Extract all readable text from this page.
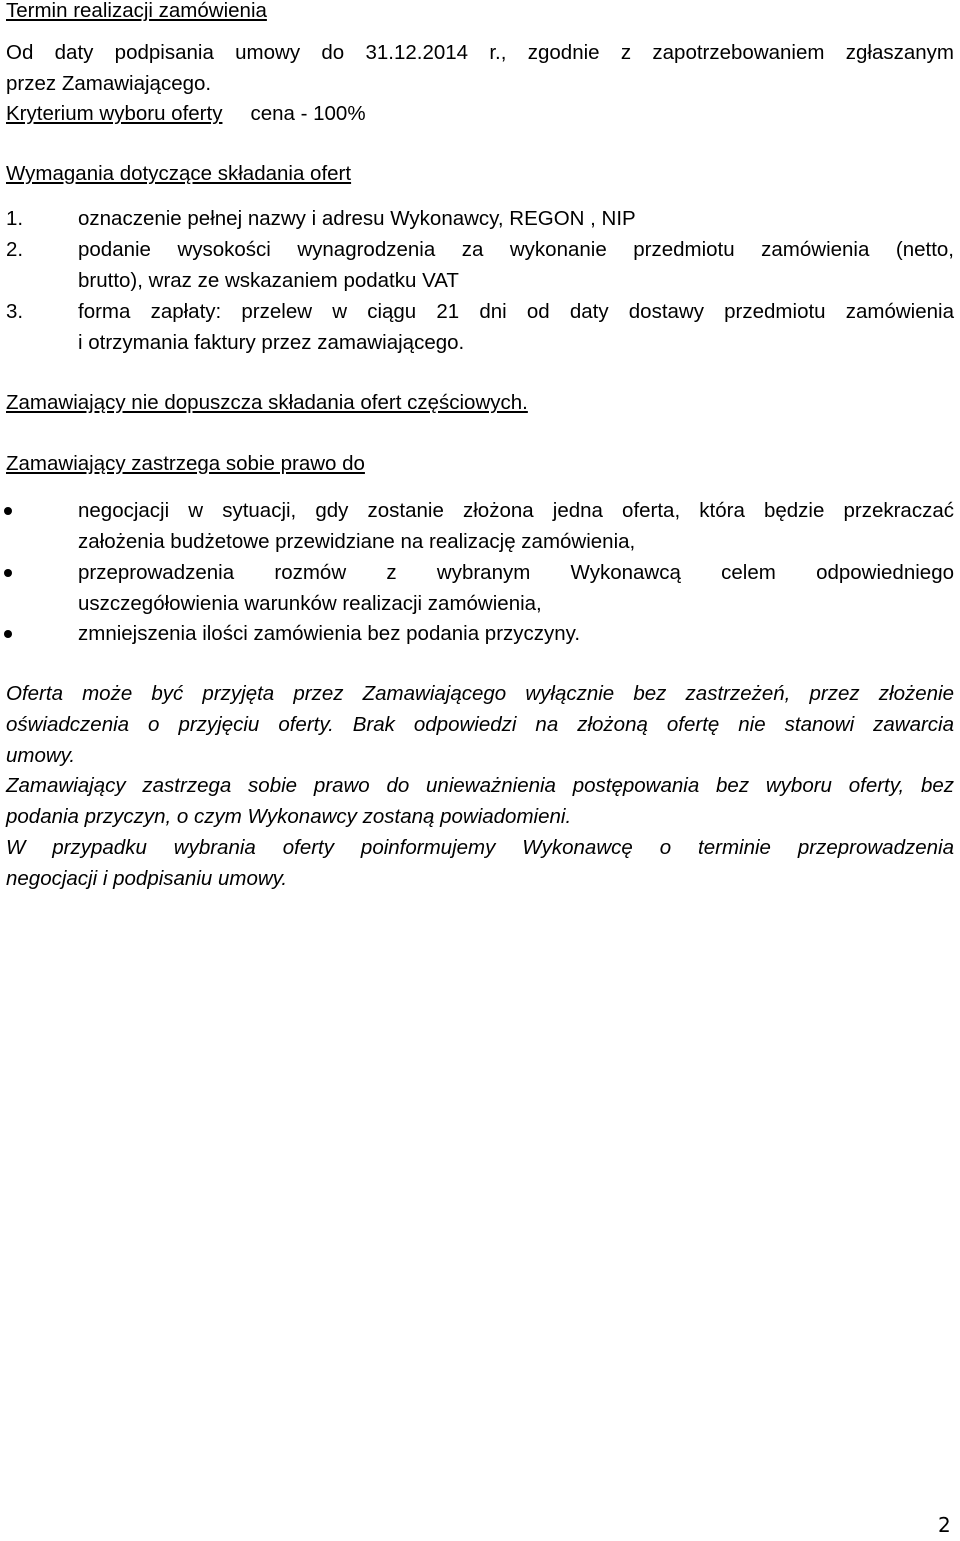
Termin realizacji zamówienia
Od daty podpisania umowy do 31.12.2014 r., zgodnie z zapotrzebowaniem zgłaszanym
przez Zamawiającego.
Kryterium wyboru oferty cena - 100%
Wymagania dotyczące składania ofert
1.	oznaczenie pełnej nazwy i adresu Wykonawcy, REGON , NIP
2.	podanie wysokości wynagrodzenia za wykonanie przedmiotu zamówienia (netto,
brutto), wraz ze wskazaniem podatku VAT
3.	forma zapłaty: przelew w ciągu 21 dni od daty dostawy przedmiotu zamówienia
i otrzymania faktury przez zamawiającego.
Zamawiający nie dopuszcza składania ofert częściowych.
Zamawiający zastrzega sobie prawo do
negocjacji w sytuacji, gdy zostanie złożona jedna oferta, która będzie przekraczać
założenia budżetowe przewidziane na realizację zamówienia,
przeprowadzenia rozmów z wybranym Wykonawcą celem odpowiedniego
uszczegółowienia warunków realizacji zamówienia,
zmniejszenia ilości zamówienia bez podania przyczyny.
Oferta może być przyjęta przez Zamawiającego wyłącznie bez zastrzeżeń, przez złożenie
oświadczenia o przyjęciu oferty. Brak odpowiedzi na złożoną ofertę nie stanowi zawarcia
umowy.
Zamawiający zastrzega sobie prawo do unieważnienia postępowania bez wyboru oferty, bez
podania przyczyn, o czym Wykonawcy zostaną powiadomieni.
W przypadku wybrania oferty poinformujemy Wykonawcę o terminie przeprowadzenia
negocjacji i podpisaniu umowy.
2
